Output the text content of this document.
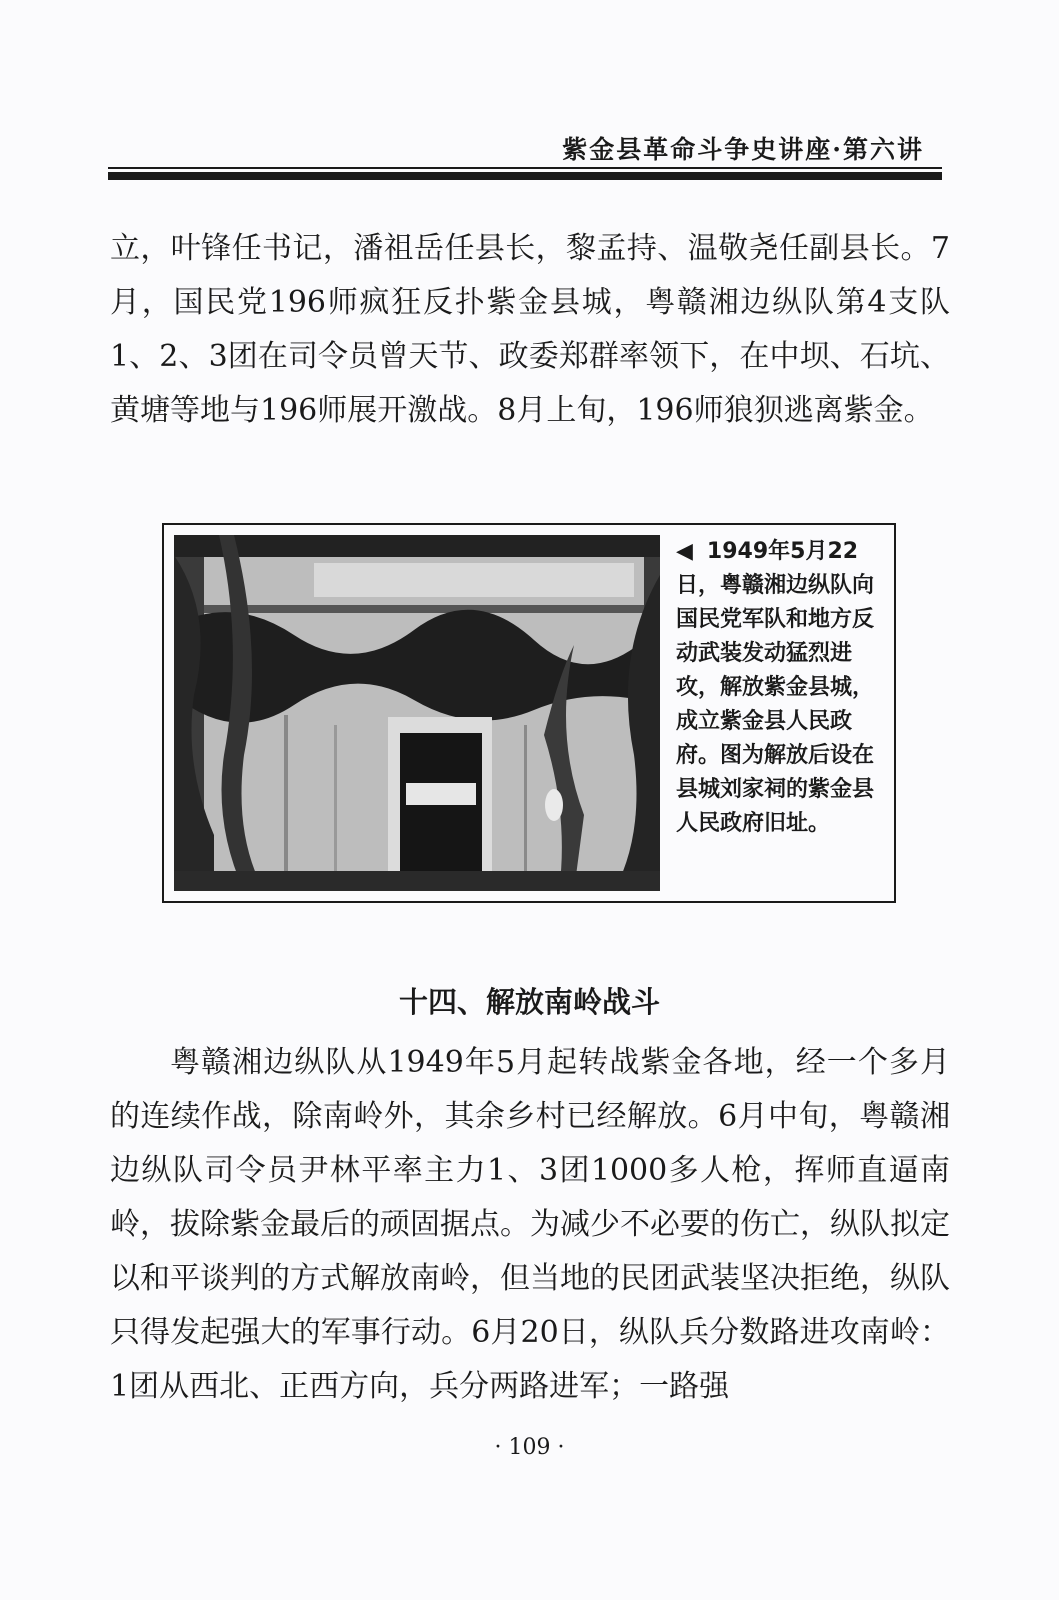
紫金县革命斗争史讲座·第六讲

立，叶锋任书记，潘祖岳任县长，黎孟持、温敬尧任副县长。7月，国民党196师疯狂反扑紫金县城，粤赣湘边纵队第4支队1、2、3团在司令员曾天节、政委郑群率领下，在中坝、石坑、黄塘等地与196师展开激战。8月上旬，196师狼狈逃离紫金。

◀ 1949年5月22日，粤赣湘边纵队向国民党军队和地方反动武装发动猛烈进攻，解放紫金县城，成立紫金县人民政府。图为解放后设在县城刘家祠的紫金县人民政府旧址。
十四、解放南岭战斗

粤赣湘边纵队从1949年5月起转战紫金各地，经一个多月的连续作战，除南岭外，其余乡村已经解放。6月中旬，粤赣湘边纵队司令员尹林平率主力1、3团1000多人枪，挥师直逼南岭，拔除紫金最后的顽固据点。为减少不必要的伤亡，纵队拟定以和平谈判的方式解放南岭，但当地的民团武装坚决拒绝，纵队只得发起强大的军事行动。6月20日，纵队兵分数路进攻南岭：1团从西北、正西方向，兵分两路进军；一路强

· 109 ·
